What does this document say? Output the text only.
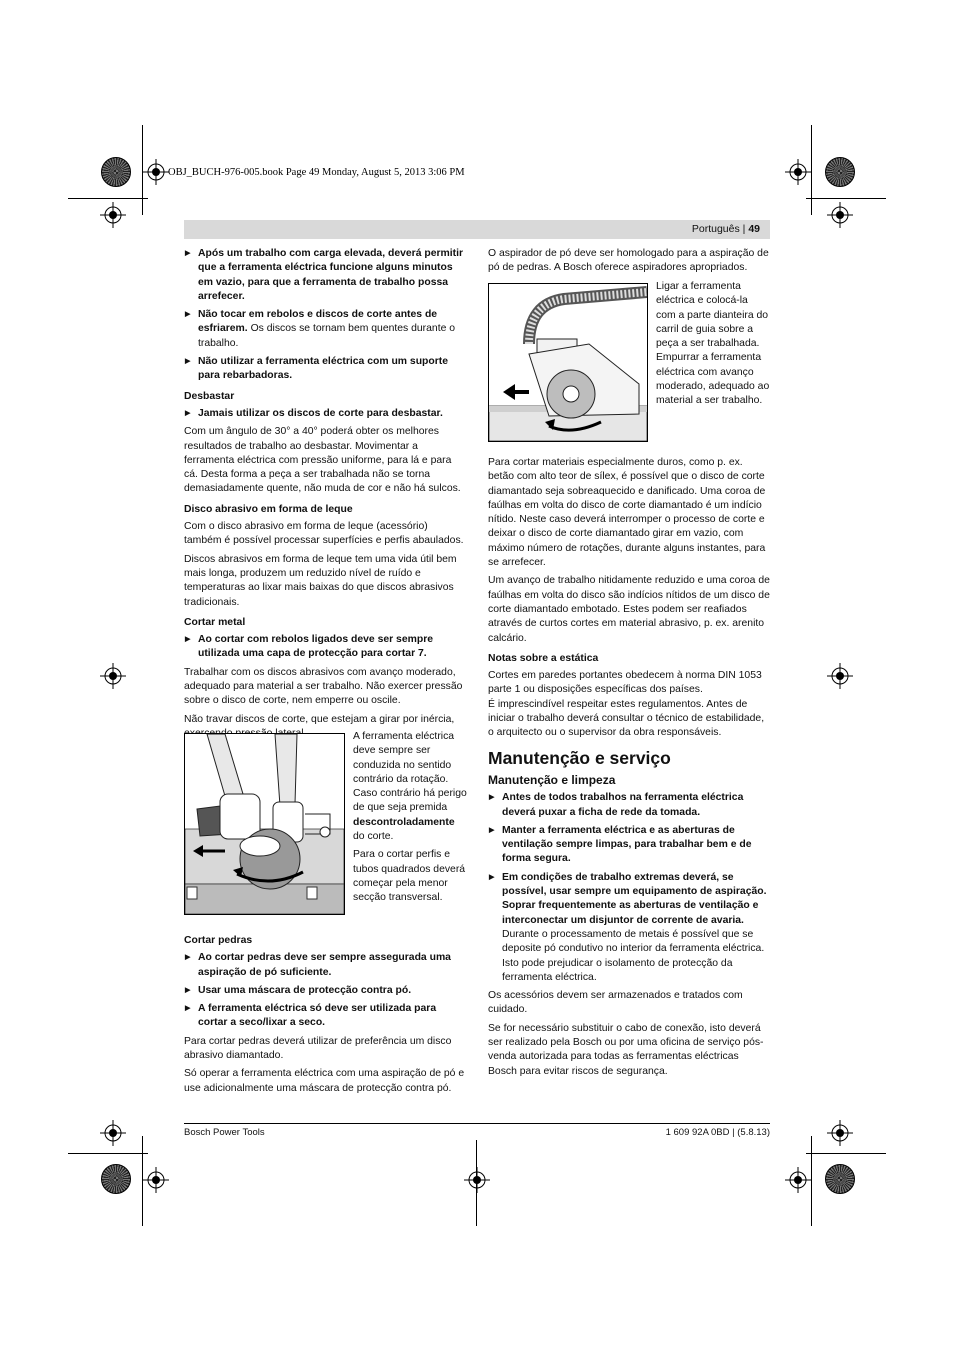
OBJ_BUCH-976-005.book Page 49 Monday, August 5, 2013 3:06 PM
Português | 49

▶ Após um trabalho com carga elevada, deverá permitir que a ferramenta eléctrica funcione alguns minutos em vazio, para que a ferramenta de trabalho possa arrefecer.

▶ Não tocar em rebolos e discos de corte antes de esfriarem. Os discos se tornam bem quentes durante o trabalho.

▶ Não utilizar a ferramenta eléctrica com um suporte para rebarbadoras.

Desbastar

▶ Jamais utilizar os discos de corte para desbastar.

Com um ângulo de 30° a 40° poderá obter os melhores resultados de trabalho ao desbastar. Movimentar a ferramenta eléctrica com pressão uniforme, para lá e para cá. Desta forma a peça a ser trabalhada não se torna demasiadamente quente, não muda de cor e não há sulcos.

Disco abrasivo em forma de leque

Com o disco abrasivo em forma de leque (acessório) também é possível processar superfícies e perfis abaulados.

Discos abrasivos em forma de leque tem uma vida útil bem mais longa, produzem um reduzido nível de ruído e temperaturas ao lixar mais baixas do que discos abrasivos tradicionais.

Cortar metal

▶ Ao cortar com rebolos ligados deve ser sempre utilizada uma capa de protecção para cortar 7.

Trabalhar com os discos abrasivos com avanço moderado, adequado para material a ser trabalho. Não exercer pressão sobre o disco de corte, nem emperre ou oscile.

Não travar discos de corte, que estejam a girar por inércia,

A ferramenta eléctrica deve sempre ser conduzida no sentido contrário da rotação. Caso contrário há perigo de que seja premida descontroladamente do corte.

Para o cortar perfis e tubos quadrados deverá começar pela menor secção transversal.

Cortar pedras

▶ Ao cortar pedras deve ser sempre assegurada uma aspiração de pó suficiente.

▶ Usar uma máscara de protecção contra pó.

▶ A ferramenta eléctrica só deve ser utilizada para cortar a seco/lixar a seco.

Para cortar pedras deverá utilizar de preferência um disco abrasivo diamantado.

Só operar a ferramenta eléctrica com uma aspiração de pó e use adicionalmente uma máscara de protecção contra pó.

O aspirador de pó deve ser homologado para a aspiração de pó de pedras. A Bosch oferece aspiradores apropriados.

Ligar a ferramenta eléctrica e colocá-la com a parte dianteira do carril de guia sobre a peça a ser trabalhada. Empurrar a ferramenta eléctrica com avanço moderado, adequado ao material a ser trabalho.

Para cortar materiais especialmente duros, como p. ex. betão com alto teor de sílex, é possível que o disco de corte diamantado seja sobreaquecido e danificado. Uma coroa de faúlhas em volta do disco de corte diamantado é um indício nítido. Neste caso deverá interromper o processo de corte e deixar o disco de corte diamantado girar em vazio, com máximo número de rotações, durante alguns instantes, para se arrefecer.

Um avanço de trabalho nitidamente reduzido e uma coroa de faúlhas em volta do disco são indícios nítidos de um disco de corte diamantado embotado. Estes podem ser reafiados através de curtos cortes em material abrasivo, p. ex. arenito calcário.

Notas sobre a estática

Cortes em paredes portantes obedecem à norma DIN 1053 parte 1 ou disposições específicas dos países.

É imprescindível respeitar estes regulamentos. Antes de iniciar o trabalho deverá consultar o técnico de estabilidade, o arquitecto ou o supervisor da obra responsáveis.

Manutenção e serviço
Manutenção e limpeza

▶ Antes de todos trabalhos na ferramenta eléctrica deverá puxar a ficha de rede da tomada.

▶ Manter a ferramenta eléctrica e as aberturas de ventilação sempre limpas, para trabalhar bem e de forma segura.

▶ Em condições de trabalho extremas deverá, se possível, usar sempre um equipamento de aspiração. Soprar frequentemente as aberturas de ventilação e interconectar um disjuntor de corrente de avaria. Durante o processamento de metais é possível que se deposite pó condutivo no interior da ferramenta eléctrica. Isto pode prejudicar o isolamento de protecção da ferramenta eléctrica.

Os acessórios devem ser armazenados e tratados com cuidado.

Se for necessário substituir o cabo de conexão, isto deverá ser realizado pela Bosch ou por uma oficina de serviço pós-venda autorizada para todas as ferramentas eléctricas Bosch para evitar riscos de segurança.

Bosch Power Tools	1 609 92A 0BD | (5.8.13)
